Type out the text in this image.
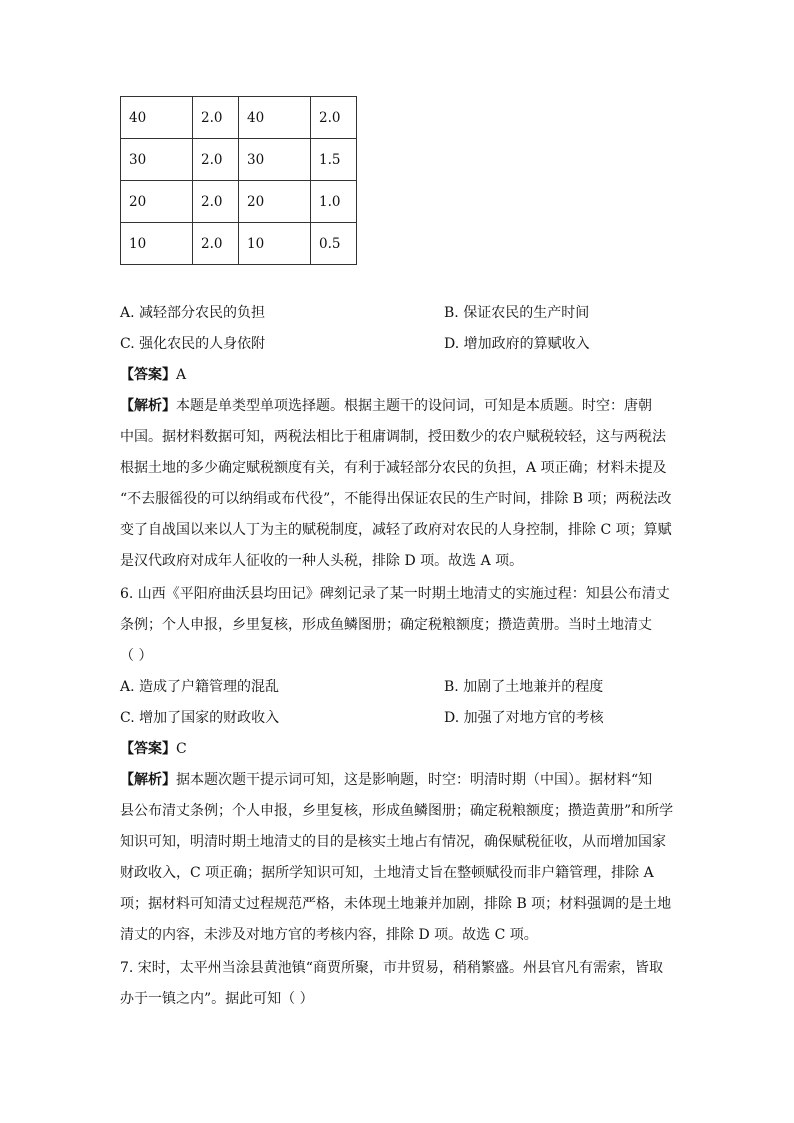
40	2.0	40	2.0
30	2.0	30	1.5
20	2.0	20	1.0
10	2.0	10	0.5
A. 减轻部分农民的负担	B. 保证农民的生产时间
C. 强化农民的人身依附	D. 增加政府的算赋收入
【答案】A
【解析】本题是单类型单项选择题。根据主题干的设问词，可知是本质题。时空：唐朝
中国。据材料数据可知，两税法相比于租庸调制，授田数少的农户赋税较轻，这与两税法
根据土地的多少确定赋税额度有关，有利于减轻部分农民的负担，A 项正确；材料未提及
“不去服徭役的可以纳绢或布代役”，不能得出保证农民的生产时间，排除 B 项；两税法改
变了自战国以来以人丁为主的赋税制度，减轻了政府对农民的人身控制，排除 C 项；算赋
是汉代政府对成年人征收的一种人头税，排除 D 项。故选 A 项。
6. 山西《平阳府曲沃县均田记》碑刻记录了某一时期土地清丈的实施过程：知县公布清丈
条例；个人申报，乡里复核，形成鱼鳞图册；确定税粮额度；攒造黄册。当时土地清丈
（ ）
A. 造成了户籍管理的混乱	B. 加剧了土地兼并的程度
C. 增加了国家的财政收入	D. 加强了对地方官的考核
【答案】C
【解析】据本题次题干提示词可知，这是影响题，时空：明清时期（中国）。据材料“知
县公布清丈条例；个人申报，乡里复核，形成鱼鳞图册；确定税粮额度；攒造黄册”和所学
知识可知，明清时期土地清丈的目的是核实土地占有情况，确保赋税征收，从而增加国家
财政收入，C 项正确；据所学知识可知，土地清丈旨在整顿赋役而非户籍管理，排除 A
项；据材料可知清丈过程规范严格，未体现土地兼并加剧，排除 B 项；材料强调的是土地
清丈的内容，未涉及对地方官的考核内容，排除 D 项。故选 C 项。
7. 宋时，太平州当涂县黄池镇“商贾所聚，市井贸易，稍稍繁盛。州县官凡有需索，皆取
办于一镇之内”。据此可知（ ）
